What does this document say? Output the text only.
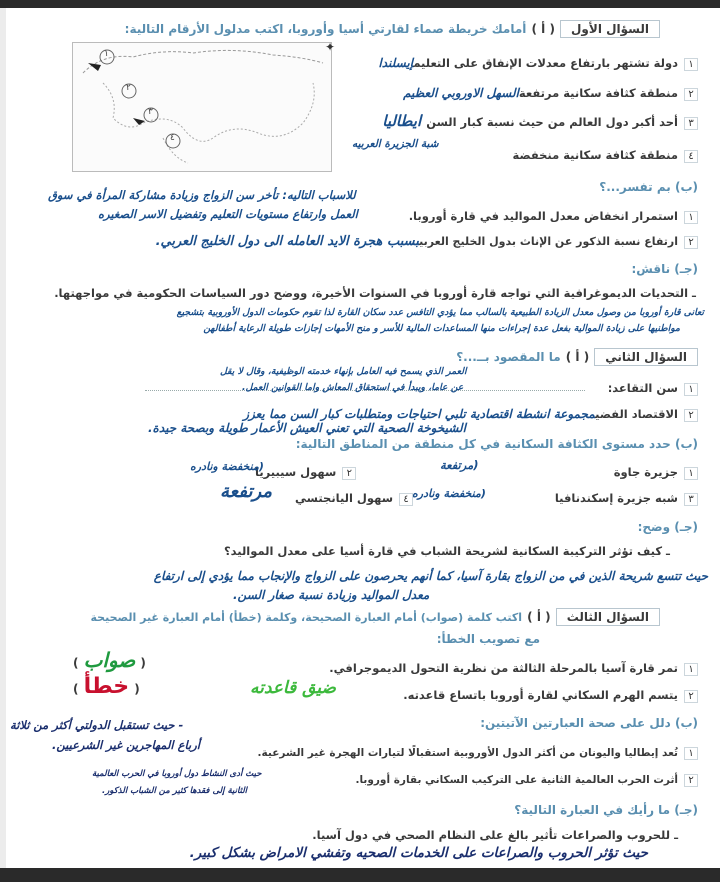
السؤال الأول ( أ ) أمامك خريطة صماء لقارتي أسيا وأوروبا، اكتب مدلول الأرقام التالية:
١
٢
٣
٤
✦
١دولة تشتهر بارتفاع معدلات الإنفاق على التعليمإيسلندا
٢منطقة كثافة سكانية مرتفعةالسهل الاوروبي العظيم
٣أحد أكبر دول العالم من حيث نسبة كبار السن ايطاليا
٤منطقة كثافة سكانية منخفضة
شبة الجزيرة العربيه
(ب) بم تفسر...؟
للاسباب التاليه: تأخر سن الزواج وزيادة مشاركة المرأة في سوق
١استمرار انخفاض معدل المواليد في قارة أوروبا.
العمل وارتفاع مستويات التعليم وتفضيل الاسر الصغيره
٢ارتفاع نسبة الذكور عن الإناث بدول الخليج العربيبسبب هجرة الايد العامله الى دول الخليج العربي.
(جـ) ناقش:
ـ التحديات الديموغرافية التي تواجه قارة أوروبا في السنوات الأخيرة، ووضح دور السياسات الحكومية في مواجهتها.
تعانى قارة أوروبا من وصول معدل الزيادة الطبيعية بالسالب مما يؤدي التافس عدد سكان القارة لذا تقوم حكومات الدول الأوروبية بتشجيع
مواطنيها على زيادة الموالية بفعل عدة إجراءات منها المساعدات المالية للأسر و منح الأمهات إجازات طويلة الرعاية أطفالهن
السؤال الثاني ( أ ) ما المقصود بــ...؟
العمر الذي يسمح فيه العامل بإنهاء خدمته الوظيفية، وقال لا يقل
١سن التقاعد:
عن عاما، ويبدأ في استحقاق المعاش واما القوانين العمل.
٢الاقتصاد الفضيمجموعة انشطة اقتصادية تلبي احتياجات ومتطلبات كبار السن مما يعزز
الشيخوخة الصحية التي تعني العيش الأعمار طويلة وبصحة جيدة.
(ب) حدد مستوى الكثافة السكانية في كل منطقة من المناطق التالية:
١جزيرة جاوة
(مرتفعة
٢سهول سيبيريا
(منخفضة ونادره
٣شبه جزيرة إسكندنافيا
(منخفضة ونادره
٤سهول اليانجتسي
مرتفعة
(جـ) وضح:
ـ كيف تؤثر التركيبة السكانية لشريحة الشباب في قارة أسيا على معدل المواليد؟
حيث تتسع شريحة الذين في من الزواج بقارة آسيا، كما أنهم يحرصون على الزواج والإنجاب مما يؤدي إلى ارتفاع
معدل المواليد وزيادة نسبة صغار السن.
السؤال الثالث ( أ ) اكتب كلمة (صواب) أمام العبارة الصحيحة، وكلمة (خطأ) أمام العبارة غير الصحيحة
مع تصويب الخطأ:
١تمر قارة آسيا بالمرحلة الثالثة من نظرية التحول الديموجرافي.
( صواب )
٢يتسم الهرم السكاني لقارة أوروبا باتساع قاعدته.
ضيق قاعدته
( خطأ )
(ب) دلل على صحة العبارتين الآتيتين:
- حيث تستقبل الدولتي أكثر من ثلاثة
١تُعد إيطاليا واليونان من أكثر الدول الأوروبية استقبالًا لتيارات الهجرة غير الشرعية.
أرباع المهاجرين غير الشرعيين.
٢أثرت الحرب العالمية الثانية على التركيب السكاني بقارة أوروبا.
حيث أدى النشاط دول أوروبا في الحرب العالمية
الثانية إلى فقدها كثير من الشباب الذكور.
(جـ) ما رأيك في العبارة التالية؟
ـ للحروب والصراعات تأثير بالغ على النظام الصحي في دول آسيا.
حيث تؤثر الحروب والصراعات على الخدمات الصحيه وتفشي الامراض بشكل كبير.
